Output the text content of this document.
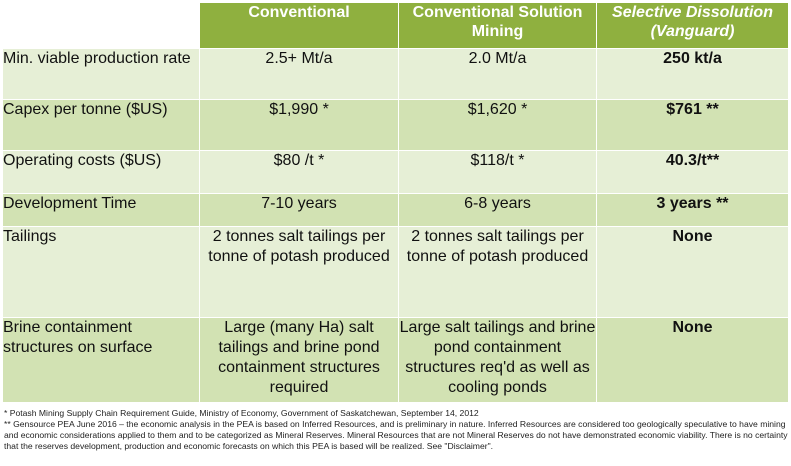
	Conventional	Conventional Solution Mining	Selective Dissolution (Vanguard)
Min. viable production rate	2.5+ Mt/a	2.0 Mt/a	250 kt/a
Capex per tonne ($US)	$1,990 *	$1,620 *	$761 **
Operating costs ($US)	$80 /t *	$118/t *	40.3/t**
Development Time	7-10 years	6-8 years	3 years **
Tailings	2 tonnes salt tailings per tonne of potash produced	2 tonnes salt tailings per tonne of potash produced	None
Brine containment structures on surface	Large (many Ha) salt tailings and brine pond containment structures required	Large salt tailings and brine pond containment structures req'd as well as cooling ponds	None

* Potash Mining Supply Chain Requirement Guide, Ministry of Economy, Government of Saskatchewan, September 14, 2012

** Gensource PEA June 2016 – the economic analysis in the PEA is based on Inferred Resources, and is preliminary in nature. Inferred Resources are considered too geologically speculative to have mining and economic considerations applied to them and to be categorized as Mineral Reserves. Mineral Resources that are not Mineral Reserves do not have demonstrated economic viability. There is no certainty that the reserves development, production and economic forecasts on which this PEA is based will be realized. See "Disclaimer".
